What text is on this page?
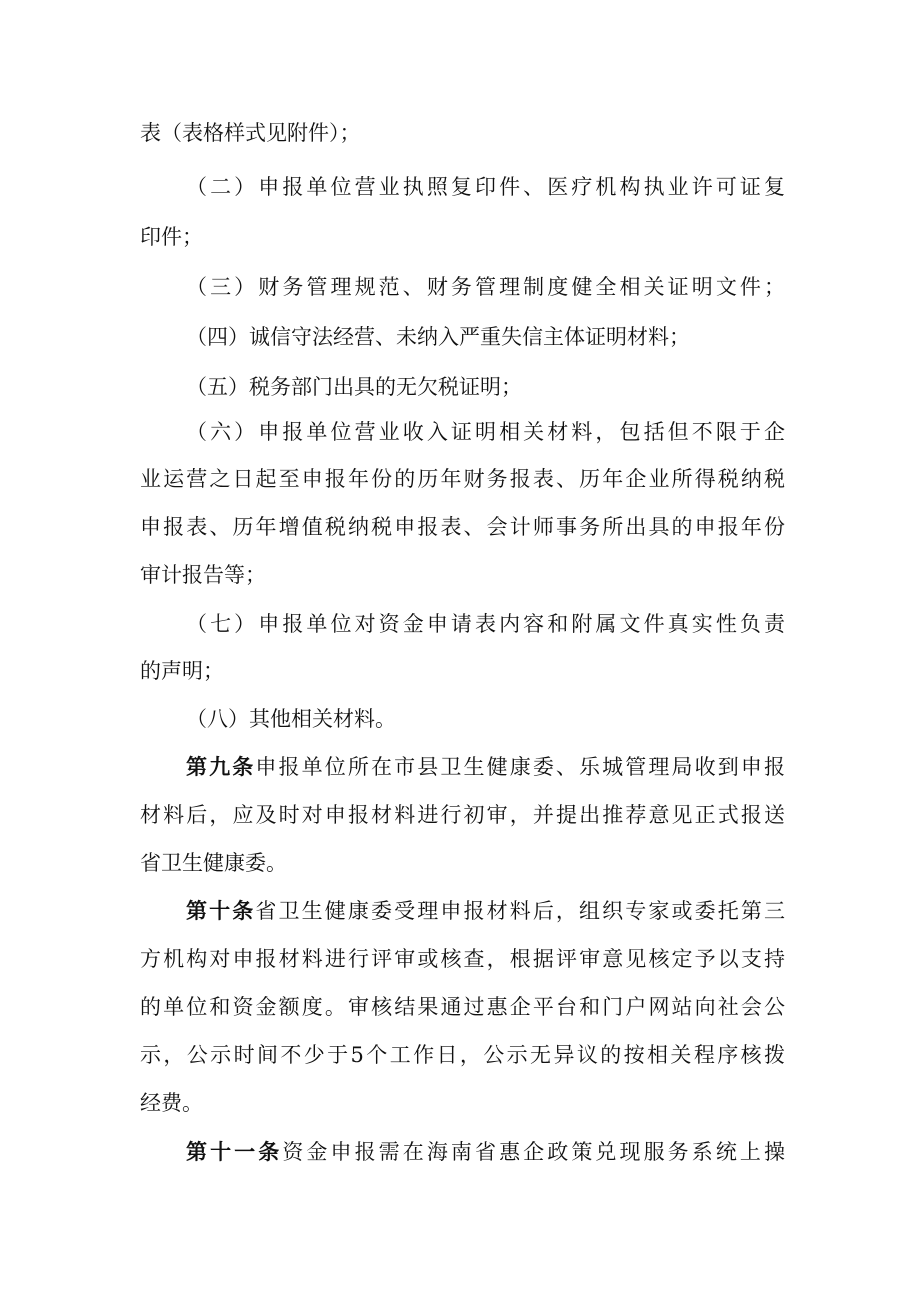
表（表格样式见附件）；
（二）申报单位营业执照复印件、医疗机构执业许可证复
印件；
（三）财务管理规范、财务管理制度健全相关证明文件；
（四）诚信守法经营、未纳入严重失信主体证明材料；
（五）税务部门出具的无欠税证明；
（六）申报单位营业收入证明相关材料，包括但不限于企
业运营之日起至申报年份的历年财务报表、历年企业所得税纳税
申报表、历年增值税纳税申报表、会计师事务所出具的申报年份
审计报告等；
（七）申报单位对资金申请表内容和附属文件真实性负责
的声明；
（八）其他相关材料。
第九条申报单位所在市县卫生健康委、乐城管理局收到申报
材料后，应及时对申报材料进行初审，并提出推荐意见正式报送
省卫生健康委。
第十条省卫生健康委受理申报材料后，组织专家或委托第三
方机构对申报材料进行评审或核查，根据评审意见核定予以支持
的单位和资金额度。审核结果通过惠企平台和门户网站向社会公
示，公示时间不少于5个工作日，公示无异议的按相关程序核拨
经费。
第十一条资金申报需在海南省惠企政策兑现服务系统上操
